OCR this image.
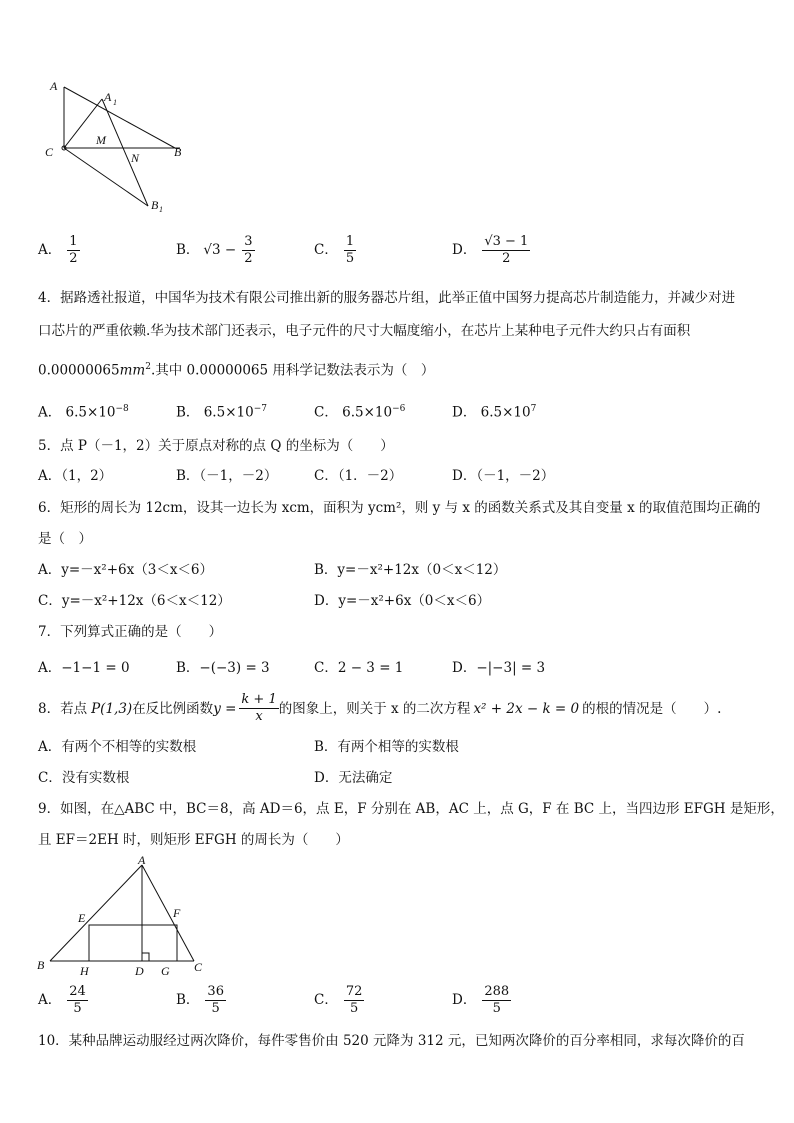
A
A 1
C
M
N	B
B 1
A． $\frac{1}{2}$	B． $√3 - \frac{3}{2}$	C． $\frac{1}{5}$	D． $\frac{√3 - 1}{2}$
4．据路透社报道，中国华为技术有限公司推出新的服务器芯片组，此举正值中国努力提高芯片制造能力，并减少对进
口芯片的严重依赖.华为技术部门还表示，电子元件的尺寸大幅度缩小，在芯片上某种电子元件大约只占有面积
$0.00000065mm^2$.其中 0.00000065 用科学记数法表示为（　）
A． $6.5\times 10^{-8}$	B． $6.5\times 10^{-7}$	C． $6.5\times 10^{-6}$	D． $6.5\times 10^7$
5．点 P（－1，2）关于原点对称的点 Q 的坐标为（　　）
A．（1，2）	B．（－1，－2）	C．（1．－2）	D．（－1，－2）
6．矩形的周长为 12cm，设其一边长为 xcm，面积为 ycm²，则 y 与 x 的函数关系式及其自变量 x 的取值范围均正确的
是（　）
A．y=－x²+6x（3＜x＜6）	B．y=－x²+12x（0＜x＜12）
C．y=－x²+12x（6＜x＜12）	D．y=－x²+6x（0＜x＜6）
7．下列算式正确的是（　　）
A．−1−1 = 0	B．−(−3) = 3	C．2 − 3 = 1	D．−|−3| = 3
8．若点 P(1,3) 在反比例函数 $y = \frac{k + 1}{x}$ 的图象上，则关于 x 的二次方程 x² + 2x − k = 0 的根的情况是（　　）.
A．有两个不相等的实数根	B．有两个相等的实数根
C．没有实数根	D．无法确定
9．如图，在△ABC 中，BC＝8，高 AD＝6，点 E，F 分别在 AB，AC 上，点 G，F 在 BC 上，当四边形 EFGH 是矩形，
且 EF＝2EH 时，则矩形 EFGH 的周长为（　　）
A
E	F
B	H	D G C
A． $\frac{24}{5}$	B． $\frac{36}{5}$	C． $\frac{72}{5}$	D． $\frac{288}{5}$
10．某种品牌运动服经过两次降价，每件零售价由 520 元降为 312 元，已知两次降价的百分率相同，求每次降价的百
